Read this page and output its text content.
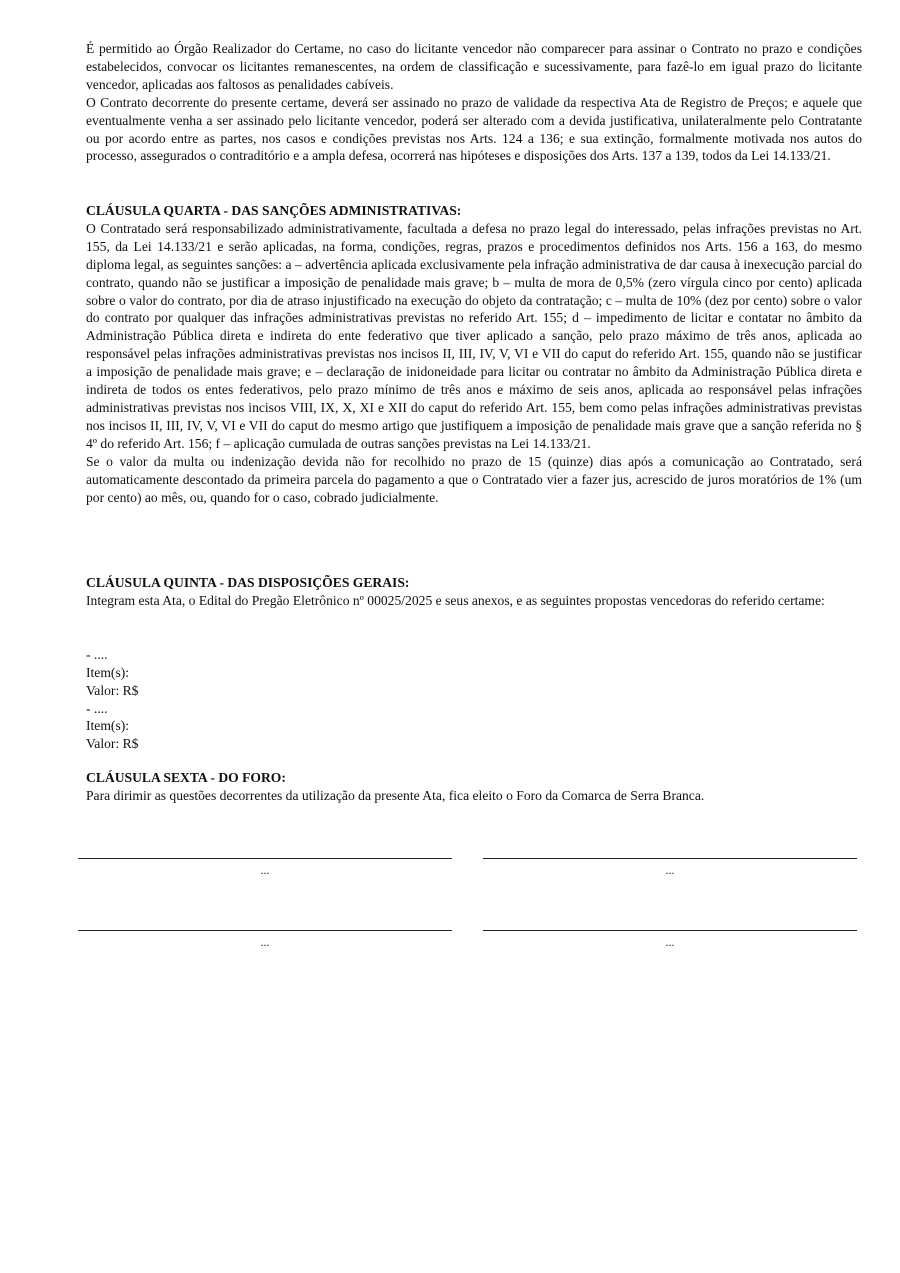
É permitido ao Órgão Realizador do Certame, no caso do licitante vencedor não comparecer para assinar o Contrato no prazo e condições estabelecidos, convocar os licitantes remanescentes, na ordem de classificação e sucessivamente, para fazê-lo em igual prazo do licitante vencedor, aplicadas aos faltosos as penalidades cabíveis.

O Contrato decorrente do presente certame, deverá ser assinado no prazo de validade da respectiva Ata de Registro de Preços; e aquele que eventualmente venha a ser assinado pelo licitante vencedor, poderá ser alterado com a devida justificativa, unilateralmente pelo Contratante ou por acordo entre as partes, nos casos e condições previstas nos Arts. 124 a 136; e sua extinção, formalmente motivada nos autos do processo, assegurados o contraditório e a ampla defesa, ocorrerá nas hipóteses e disposições dos Arts. 137 a 139, todos da Lei 14.133/21.

CLÁUSULA QUARTA - DAS SANÇÕES ADMINISTRATIVAS:

O Contratado será responsabilizado administrativamente, facultada a defesa no prazo legal do interessado, pelas infrações previstas no Art. 155, da Lei 14.133/21 e serão aplicadas, na forma, condições, regras, prazos e procedimentos definidos nos Arts. 156 a 163, do mesmo diploma legal, as seguintes sanções: a – advertência aplicada exclusivamente pela infração administrativa de dar causa à inexecução parcial do contrato, quando não se justificar a imposição de penalidade mais grave; b – multa de mora de 0,5% (zero vírgula cinco por cento) aplicada sobre o valor do contrato, por dia de atraso injustificado na execução do objeto da contratação; c – multa de 10% (dez por cento) sobre o valor do contrato por qualquer das infrações administrativas previstas no referido Art. 155; d – impedimento de licitar e contatar no âmbito da Administração Pública direta e indireta do ente federativo que tiver aplicado a sanção, pelo prazo máximo de três anos, aplicada ao responsável pelas infrações administrativas previstas nos incisos II, III, IV, V, VI e VII do caput do referido Art. 155, quando não se justificar a imposição de penalidade mais grave; e – declaração de inidoneidade para licitar ou contratar no âmbito da Administração Pública direta e indireta de todos os entes federativos, pelo prazo mínimo de três anos e máximo de seis anos, aplicada ao responsável pelas infrações administrativas previstas nos incisos VIII, IX, X, XI e XII do caput do referido Art. 155, bem como pelas infrações administrativas previstas nos incisos II, III, IV, V, VI e VII do caput do mesmo artigo que justifiquem a imposição de penalidade mais grave que a sanção referida no § 4º do referido Art. 156; f – aplicação cumulada de outras sanções previstas na Lei 14.133/21.

Se o valor da multa ou indenização devida não for recolhido no prazo de 15 (quinze) dias após a comunicação ao Contratado, será automaticamente descontado da primeira parcela do pagamento a que o Contratado vier a fazer jus, acrescido de juros moratórios de 1% (um por cento) ao mês, ou, quando for o caso, cobrado judicialmente.

CLÁUSULA QUINTA - DAS DISPOSIÇÕES GERAIS:

Integram esta Ata, o Edital do Pregão Eletrônico nº 00025/2025 e seus anexos, e as seguintes propostas vencedoras do referido certame:

- ....
Item(s):
Valor: R$
- ....
Item(s):
Valor: R$
CLÁUSULA SEXTA - DO FORO:

Para dirimir as questões decorrentes da utilização da presente Ata, fica eleito o Foro da Comarca de Serra Branca.

...	...
...	...
